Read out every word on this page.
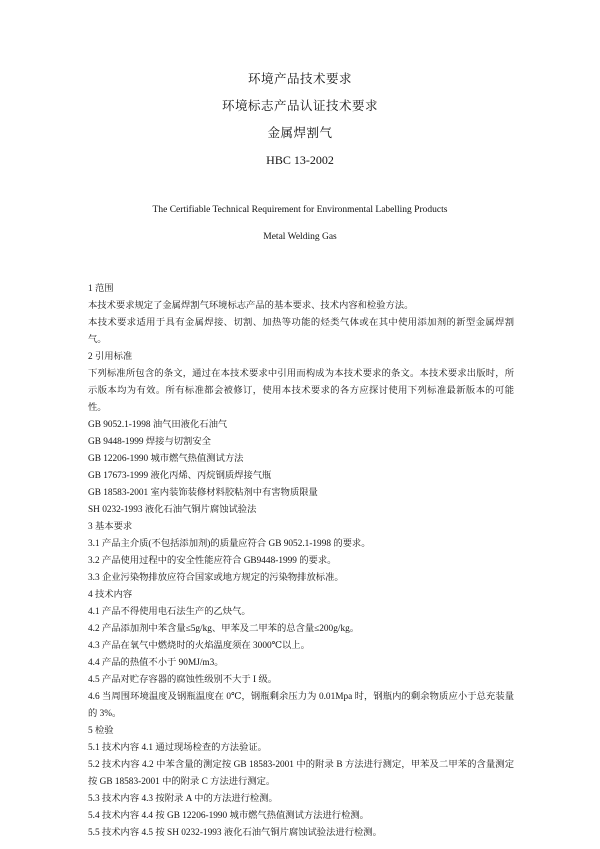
环境产品技术要求

环境标志产品认证技术要求

金属焊割气

HBC 13-2002

The Certifiable Technical Requirement for Environmental Labelling Products

Metal Welding Gas

1 范围

本技术要求规定了金属焊割气环境标志产品的基本要求、技术内容和检验方法。

本技术要求适用于具有金属焊接、切割、加热等功能的烃类气体或在其中使用添加剂的新型金属焊割气。

2 引用标准

下列标准所包含的条文，通过在本技术要求中引用而构成为本技术要求的条文。本技术要求出版时，所示版本均为有效。所有标准都会被修订，使用本技术要求的各方应探讨使用下列标准最新版本的可能性。

GB 9052.1-1998 油气田液化石油气

GB 9448-1999 焊接与切割安全

GB 12206-1990 城市燃气热值测试方法

GB 17673-1999 液化丙烯、丙烷钢质焊接气瓶

GB 18583-2001 室内装饰装修材料胶粘剂中有害物质限量

SH 0232-1993 液化石油气铜片腐蚀试验法

3 基本要求

3.1 产品主介质(不包括添加剂)的质量应符合 GB 9052.1-1998 的要求。

3.2 产品使用过程中的安全性能应符合 GB9448-1999 的要求。

3.3 企业污染物排放应符合国家或地方规定的污染物排放标准。

4 技术内容

4.1 产品不得使用电石法生产的乙炔气。

4.2 产品添加剂中苯含量≤5g/kg、甲苯及二甲苯的总含量≤200g/kg。

4.3 产品在氧气中燃烧时的火焰温度须在 3000℃以上。

4.4 产品的热值不小于 90MJ/m3。

4.5 产品对贮存容器的腐蚀性级别不大于 I 级。

4.6 当周围环境温度及钢瓶温度在 0℃，钢瓶剩余压力为 0.01Mpa 时，钢瓶内的剩余物质应小于总充装量的 3%。

5 检验

5.1 技术内容 4.1 通过现场检查的方法验证。

5.2 技术内容 4.2 中苯含量的测定按 GB 18583-2001 中的附录 B 方法进行测定，甲苯及二甲苯的含量测定按 GB 18583-2001 中的附录 C 方法进行测定。

5.3 技术内容 4.3 按附录 A 中的方法进行检测。

5.4 技术内容 4.4 按 GB 12206-1990 城市燃气热值测试方法进行检测。

5.5 技术内容 4.5 按 SH 0232-1993 液化石油气铜片腐蚀试验法进行检测。
